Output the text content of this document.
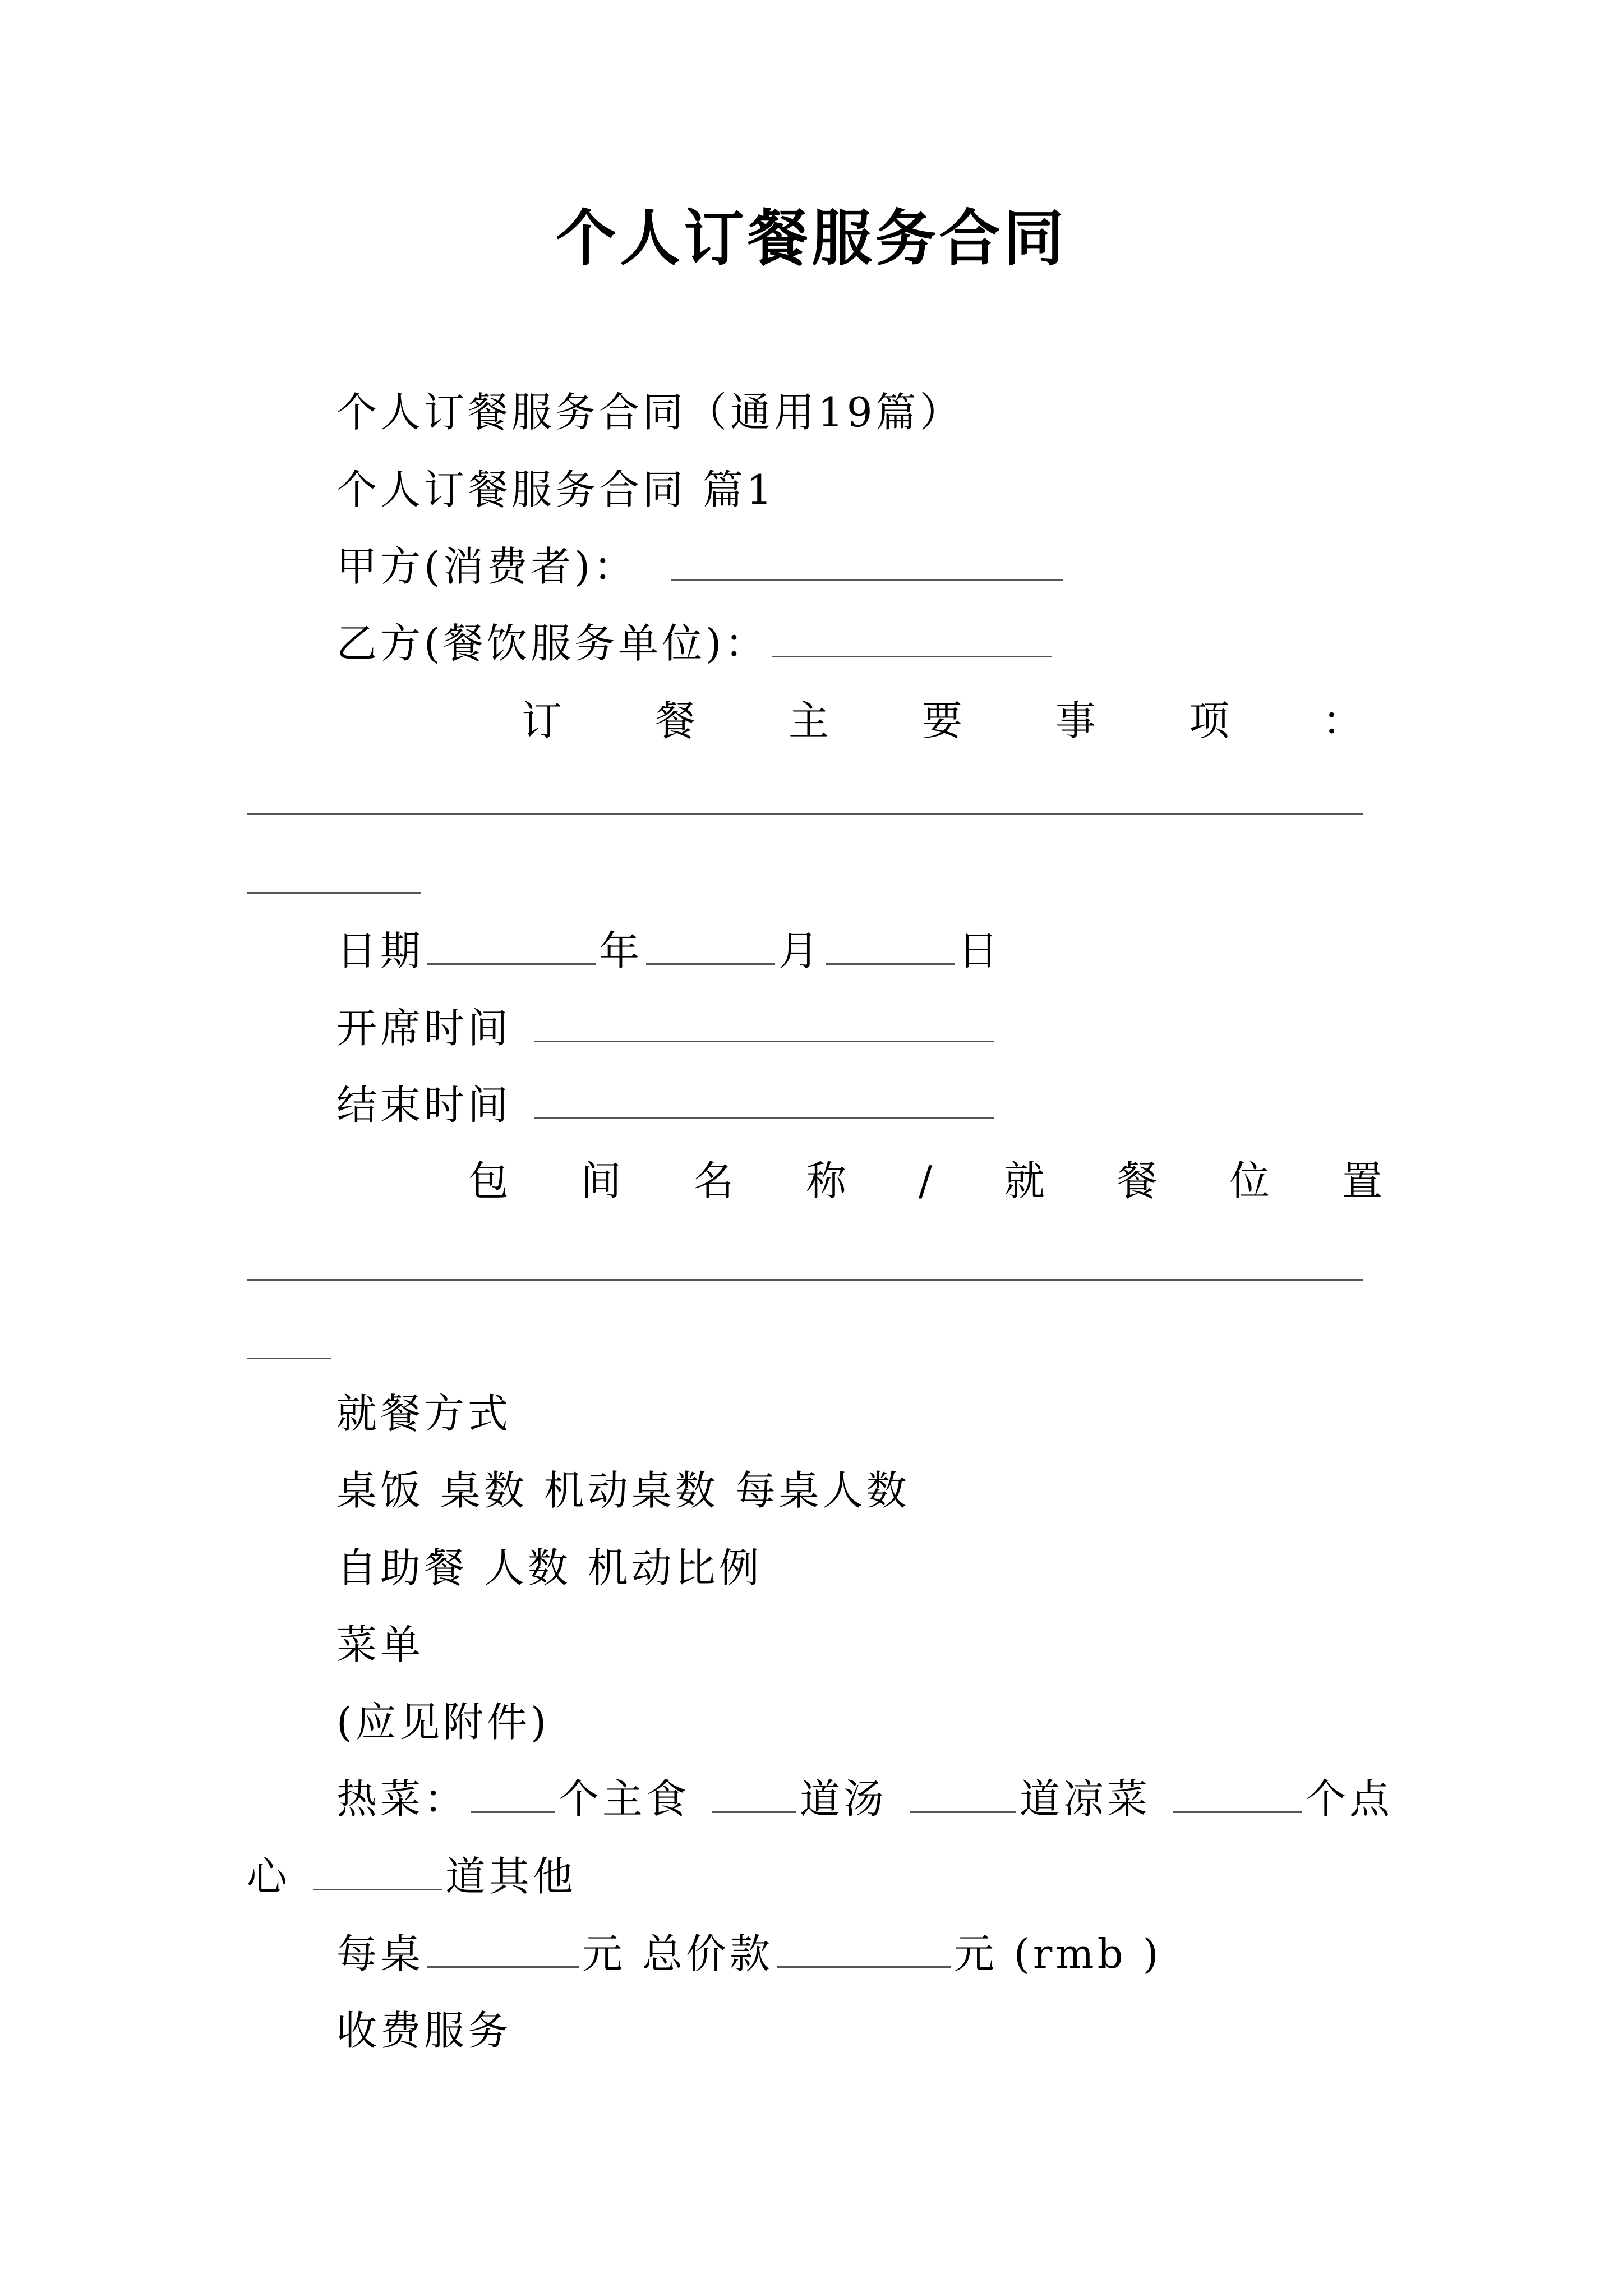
个人订餐服务合同
个人订餐服务合同（通用19篇）
个人订餐服务合同 篇1
甲方(消费者)：
乙方(餐饮服务单位)：
订 餐 主 要 事 项 ：
日期	年	月	日
开席时间
结束时间
包 间 名 称 / 就 餐 位 置
就餐方式
桌饭 桌数 机动桌数 每桌人数
自助餐 人数 机动比例
菜单
(应见附件)
热菜： 个主食	道汤	道凉菜	个点
心	道其他
每桌	元 总价款	元 (rmb )
收费服务
